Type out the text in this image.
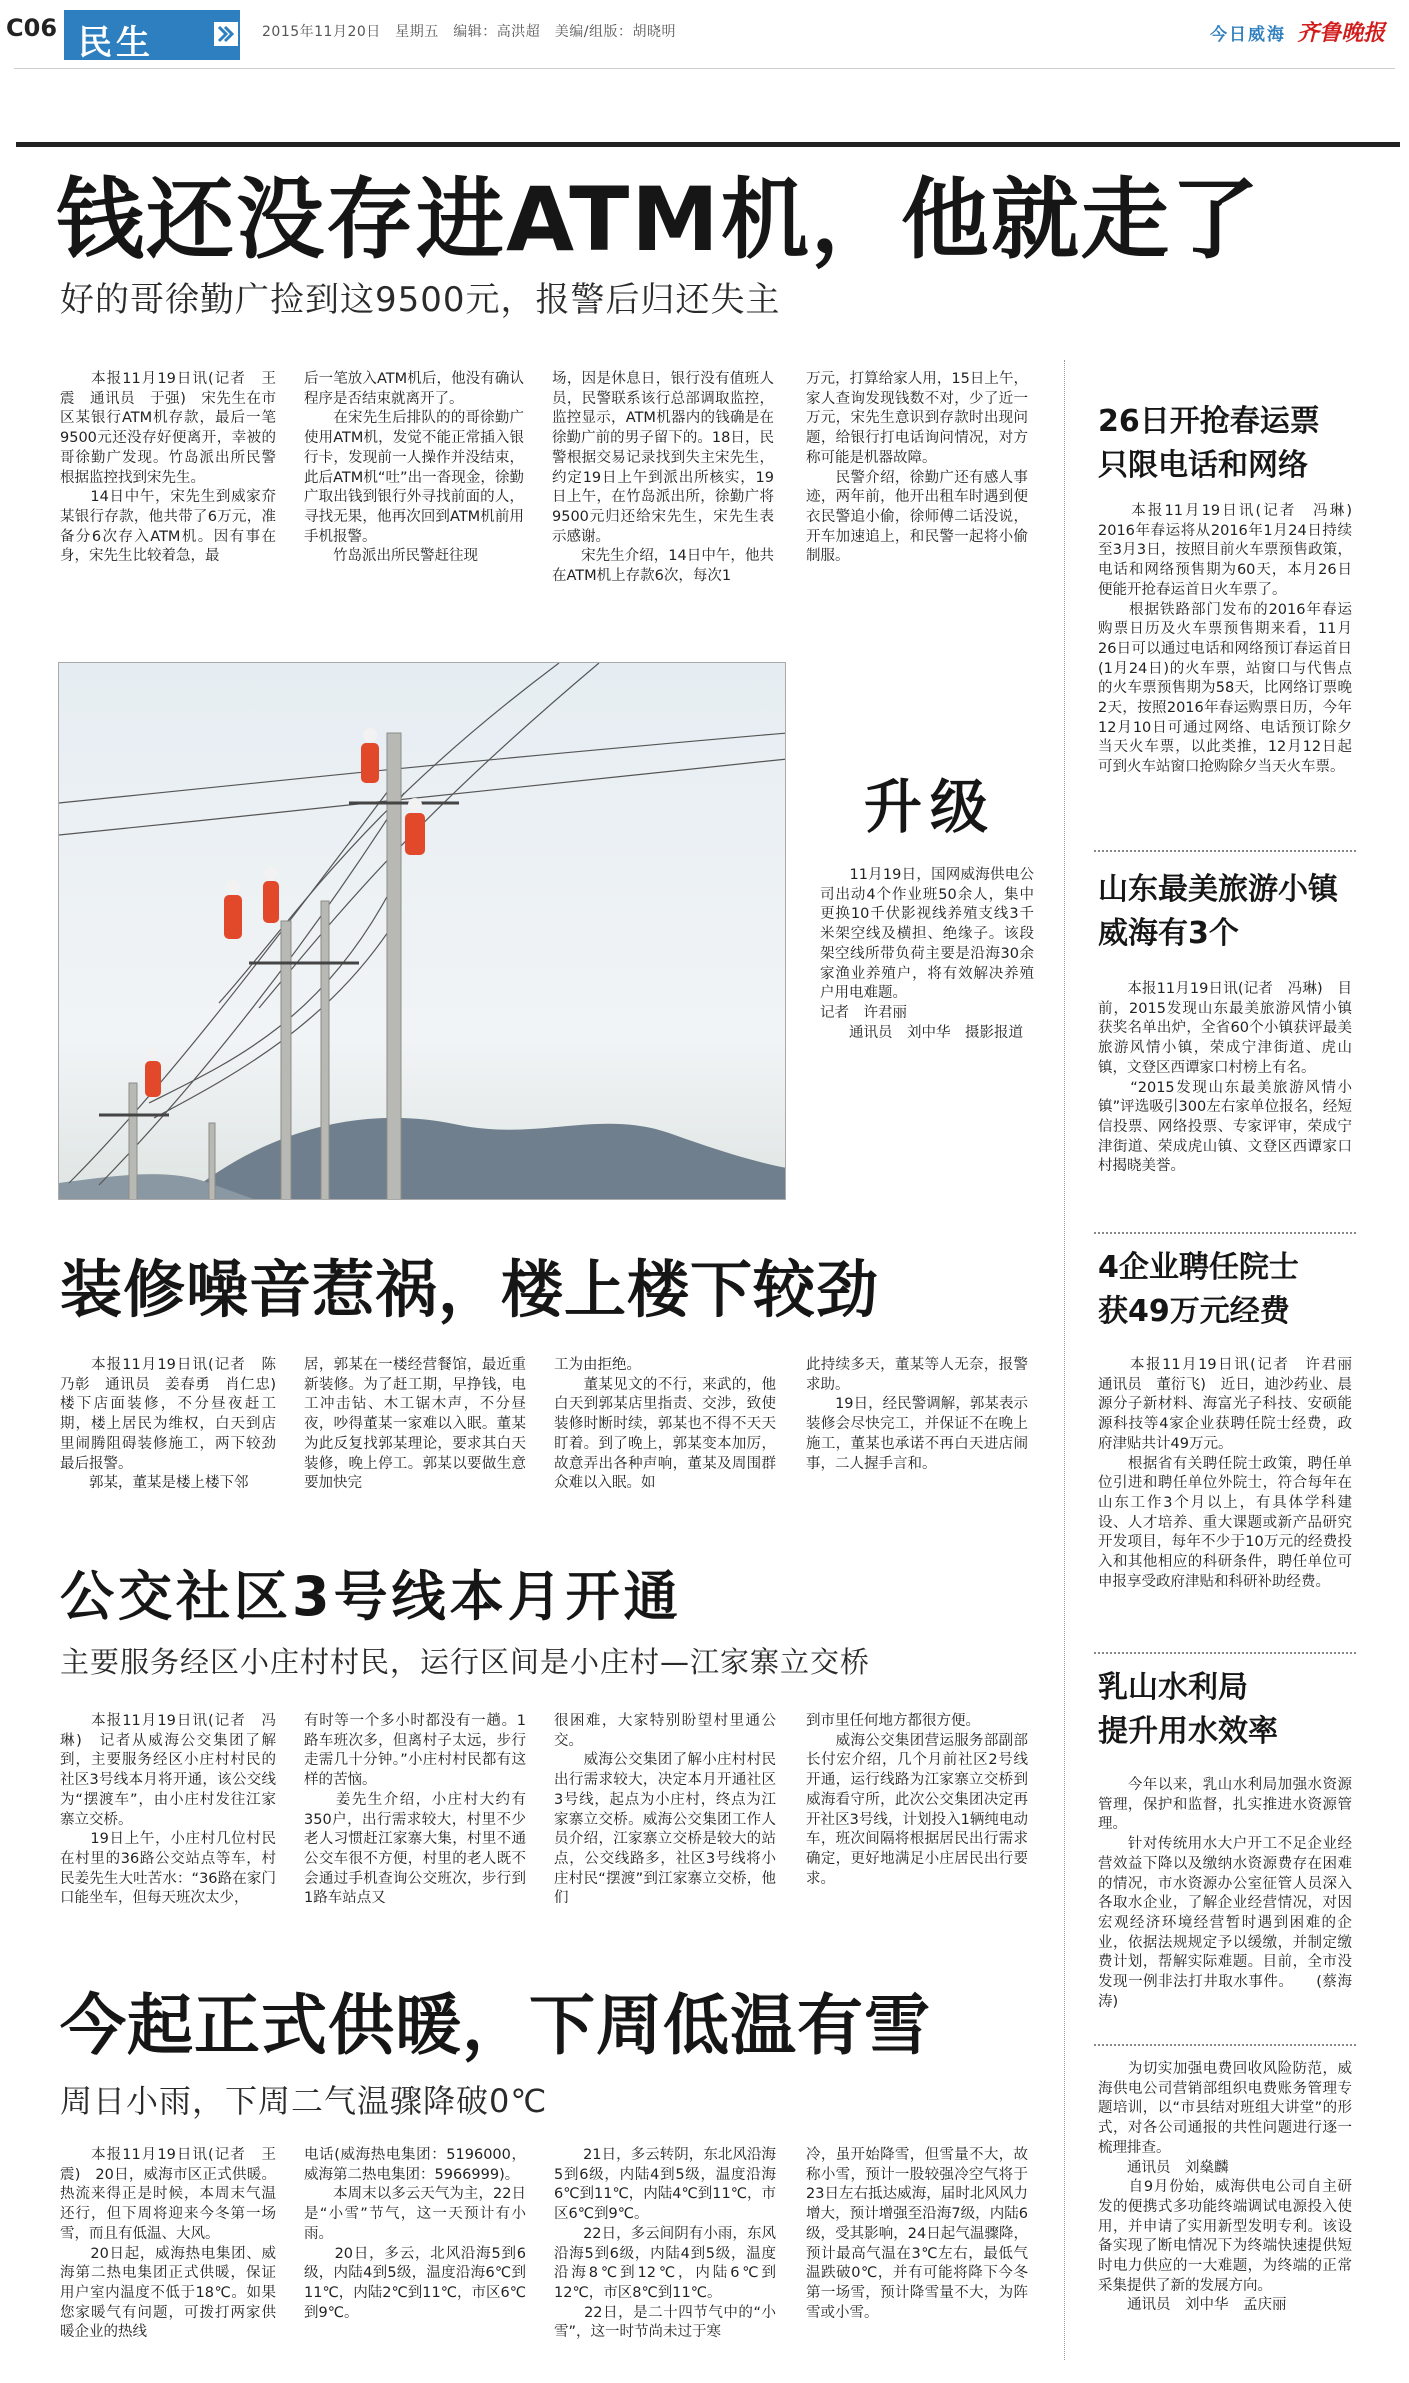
C06 民生	2015年11月20日　星期五　编辑：高洪超　美编/组版：胡晓明	今日威海 齐鲁晚报
钱还没存进ATM机，他就走了
好的哥徐勤广捡到这9500元，报警后归还失主
　　本报11月19日讯(记者　王震　通讯员　于强)　宋先生在市区某银行ATM机存款，最后一笔9500元还没存好便离开，幸被的哥徐勤广发现。竹岛派出所民警根据监控找到宋先生。
　　14日中午，宋先生到威家夼某银行存款，他共带了6万元，准备分6次存入ATM机。因有事在身，宋先生比较着急，最
后一笔放入ATM机后，他没有确认程序是否结束就离开了。
　　在宋先生后排队的的哥徐勤广使用ATM机，发觉不能正常插入银行卡，发现前一人操作并没结束，此后ATM机“吐”出一沓现金，徐勤广取出钱到银行外寻找前面的人，寻找无果，他再次回到ATM机前用手机报警。
　　竹岛派出所民警赶往现
场，因是休息日，银行没有值班人员，民警联系该行总部调取监控，监控显示，ATM机器内的钱确是在徐勤广前的男子留下的。18日，民警根据交易记录找到失主宋先生，约定19日上午到派出所核实，19日上午，在竹岛派出所，徐勤广将9500元归还给宋先生，宋先生表示感谢。
　　宋先生介绍，14日中午，他共在ATM机上存款6次，每次1
万元，打算给家人用，15日上午，家人查询发现钱数不对，少了近一万元，宋先生意识到存款时出现问题，给银行打电话询问情况，对方称可能是机器故障。
　　民警介绍，徐勤广还有感人事迹，两年前，他开出租车时遇到便衣民警追小偷，徐师傅二话没说，开车加速追上，和民警一起将小偷制服。
升级
　　11月19日，国网威海供电公司出动4个作业班50余人，集中更换10千伏影视线养殖支线3千米架空线及横担、绝缘子。该段架空线所带负荷主要是沿海30余家渔业养殖户，将有效解决养殖户用电难题。
记者　许君丽
　　通讯员　刘中华　摄影报道
装修噪音惹祸，楼上楼下较劲
　　本报11月19日讯(记者　陈乃彰　通讯员　姜春勇　肖仁忠)　楼下店面装修，不分昼夜赶工期，楼上居民为维权，白天到店里闹腾阻碍装修施工，两下较劲最后报警。
　　郭某，董某是楼上楼下邻
居，郭某在一楼经营餐馆，最近重新装修。为了赶工期，早挣钱，电工冲击钻、木工锯木声，不分昼夜，吵得董某一家难以入眠。董某为此反复找郭某理论，要求其白天装修，晚上停工。郭某以要做生意要加快完
工为由拒绝。
　　董某见文的不行，来武的，他白天到郭某店里指责、交涉，致使装修时断时续，郭某也不得不天天盯着。到了晚上，郭某变本加厉，故意弄出各种声响，董某及周围群众难以入眠。如
此持续多天，董某等人无奈，报警求助。
　　19日，经民警调解，郭某表示装修会尽快完工，并保证不在晚上施工，董某也承诺不再白天进店闹事，二人握手言和。
公交社区3号线本月开通
主要服务经区小庄村村民，运行区间是小庄村—江家寨立交桥
　　本报11月19日讯(记者　冯琳)　记者从威海公交集团了解到，主要服务经区小庄村村民的社区3号线本月将开通，该公交线为“摆渡车”，由小庄村发往江家寨立交桥。
　　19日上午，小庄村几位村民在村里的36路公交站点等车，村民姜先生大吐苦水：“36路在家门口能坐车，但每天班次太少，
有时等一个多小时都没有一趟。1路车班次多，但离村子太远，步行走需几十分钟。”小庄村村民都有这样的苦恼。
　　姜先生介绍，小庄村大约有350户，出行需求较大，村里不少老人习惯赶江家寨大集，村里不通公交车很不方便，村里的老人既不会通过手机查询公交班次，步行到1路车站点又
很困难，大家特别盼望村里通公交。
　　威海公交集团了解小庄村村民出行需求较大，决定本月开通社区3号线，起点为小庄村，终点为江家寨立交桥。威海公交集团工作人员介绍，江家寨立交桥是较大的站点，公交线路多，社区3号线将小庄村民“摆渡”到江家寨立交桥，他们
到市里任何地方都很方便。
　　威海公交集团营运服务部副部长付宏介绍，几个月前社区2号线开通，运行线路为江家寨立交桥到威海看守所，此次公交集团决定再开社区3号线，计划投入1辆纯电动车，班次间隔将根据居民出行需求确定，更好地满足小庄居民出行要求。
今起正式供暖，下周低温有雪
周日小雨，下周二气温骤降破0℃
　　本报11月19日讯(记者　王震)　20日，威海市区正式供暖。热流来得正是时候，本周末气温还行，但下周将迎来今冬第一场雪，而且有低温、大风。
　　20日起，威海热电集团、威海第二热电集团正式供暖，保证用户室内温度不低于18℃。如果您家暖气有问题，可拨打两家供暖企业的热线
电话(威海热电集团：5196000，威海第二热电集团：5966999)。
　　本周末以多云天气为主，22日是“小雪”节气，这一天预计有小雨。
　　20日，多云，北风沿海5到6级，内陆4到5级，温度沿海6℃到11℃，内陆2℃到11℃，市区6℃到9℃。
　　21日，多云转阴，东北风沿海5到6级，内陆4到5级，温度沿海6℃到11℃，内陆4℃到11℃，市区6℃到9℃。
　　22日，多云间阴有小雨，东风沿海5到6级，内陆4到5级，温度沿海8℃到12℃，内陆6℃到12℃，市区8℃到11℃。
　　22日，是二十四节气中的“小雪”，这一时节尚未过于寒
冷，虽开始降雪，但雪量不大，故称小雪，预计一股较强冷空气将于23日左右抵达威海，届时北风风力增大，预计增强至沿海7级，内陆6级，受其影响，24日起气温骤降，预计最高气温在3℃左右，最低气温跌破0℃，并有可能将降下今冬第一场雪，预计降雪量不大，为阵雪或小雪。
26日开抢春运票
只限电话和网络
　　本报11月19日讯(记者　冯琳)　2016年春运将从2016年1月24日持续至3月3日，按照目前火车票预售政策，电话和网络预售期为60天，本月26日便能开抢春运首日火车票了。
　　根据铁路部门发布的2016年春运购票日历及火车票预售期来看，11月26日可以通过电话和网络预订春运首日(1月24日)的火车票，站窗口与代售点的火车票预售期为58天，比网络订票晚2天，按照2016年春运购票日历，今年12月10日可通过网络、电话预订除夕当天火车票，以此类推，12月12日起可到火车站窗口抢购除夕当天火车票。
山东最美旅游小镇
威海有3个
　　本报11月19日讯(记者　冯琳)　目前，2015发现山东最美旅游风情小镇获奖名单出炉，全省60个小镇获评最美旅游风情小镇，荣成宁津街道、虎山镇，文登区西谭家口村榜上有名。
　　“2015发现山东最美旅游风情小镇”评选吸引300左右家单位报名，经短信投票、网络投票、专家评审，荣成宁津街道、荣成虎山镇、文登区西谭家口村揭晓美誉。
4企业聘任院士
获49万元经费
　　本报11月19日讯(记者　许君丽　通讯员　董衍飞)　近日，迪沙药业、晨源分子新材料、海富光子科技、安硕能源科技等4家企业获聘任院士经费，政府津贴共计49万元。
　　根据省有关聘任院士政策，聘任单位引进和聘任单位外院士，符合每年在山东工作3个月以上，有具体学科建设、人才培养、重大课题或新产品研究开发项目，每年不少于10万元的经费投入和其他相应的科研条件，聘任单位可申报享受政府津贴和科研补助经费。
乳山水利局
提升用水效率
　　今年以来，乳山水利局加强水资源管理，保护和监督，扎实推进水资源管理。
　　针对传统用水大户开工不足企业经营效益下降以及缴纳水资源费存在困难的情况，市水资源办公室征管人员深入各取水企业，了解企业经营情况，对因宏观经济环境经营暂时遇到困难的企业，依据法规规定予以缓缴，并制定缴费计划，帮解实际难题。目前，全市没发现一例非法打井取水事件。　　(蔡海涛)
　　为切实加强电费回收风险防范，威海供电公司营销部组织电费账务管理专题培训，以“市县结对班组大讲堂”的形式，对各公司通报的共性问题进行逐一梳理排查。
　　通讯员　刘燊麟
　　自9月份始，威海供电公司自主研发的便携式多功能终端调试电源投入使用，并申请了实用新型发明专利。该设备实现了断电情况下为终端快速提供短时电力供应的一大难题，为终端的正常采集提供了新的发展方向。
　　通讯员　刘中华　孟庆丽
